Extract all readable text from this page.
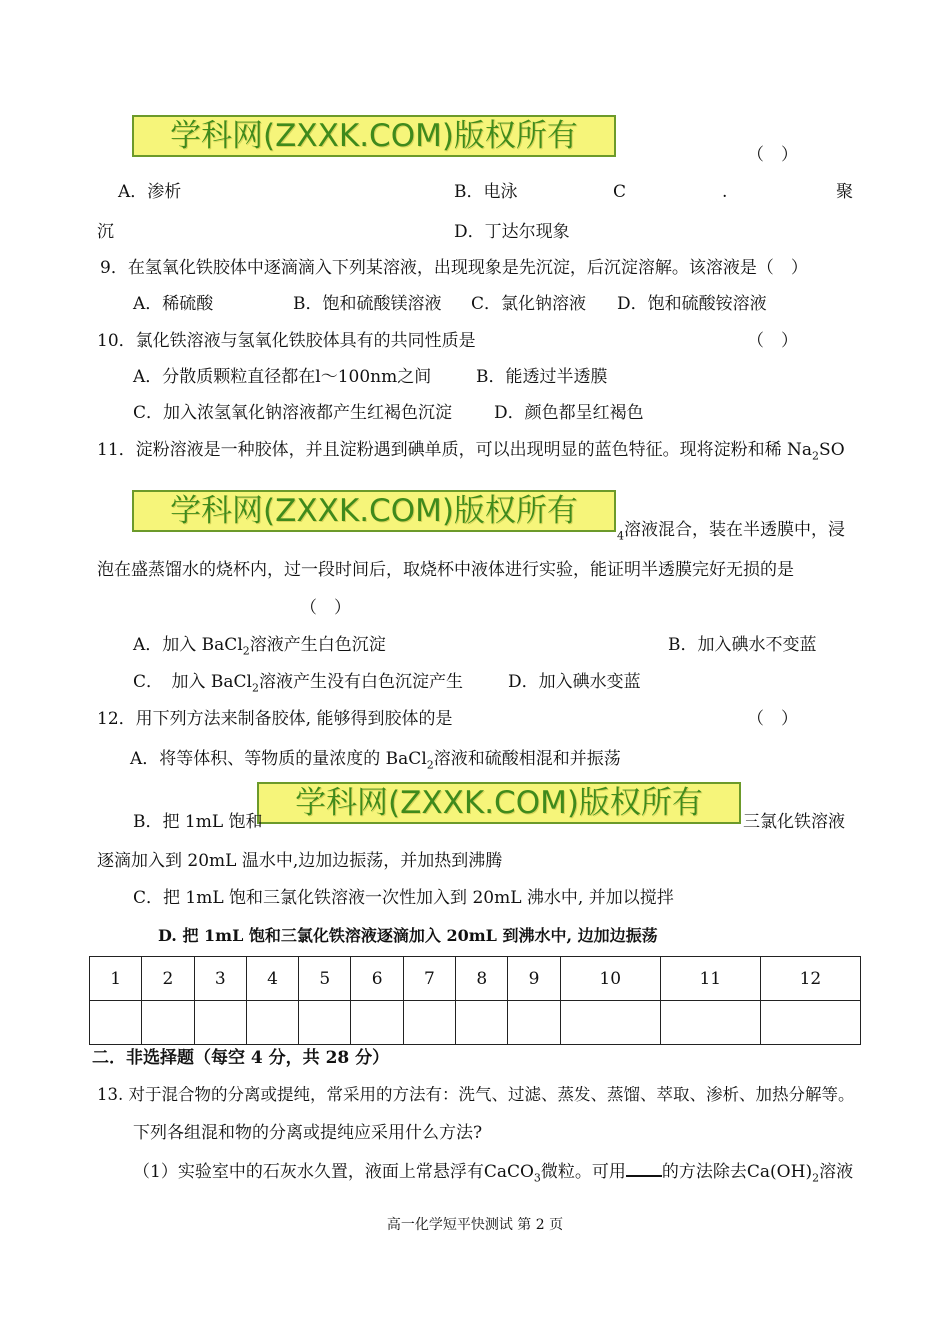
学科网(ZXXK.COM)版权所有
学科网(ZXXK.COM)版权所有
学科网(ZXXK.COM)版权所有
（　）
A．渗析	B．电泳	C	.	聚
沉	D．丁达尔现象
9．在氢氧化铁胶体中逐滴滴入下列某溶液，出现现象是先沉淀，后沉淀溶解。该溶液是（　）
A．稀硫酸	B．饱和硫酸镁溶液 C．氯化钠溶液 D．饱和硫酸铵溶液
10．氯化铁溶液与氢氧化铁胶体具有的共同性质是	（　）
A．分散质颗粒直径都在l～100nm之间	B．能透过半透膜
C．加入浓氢氧化钠溶液都产生红褐色沉淀 D．颜色都呈红褐色
11．淀粉溶液是一种胶体，并且淀粉遇到碘单质，可以出现明显的蓝色特征。现将淀粉和稀 $Na_2SO$
$_4$溶液混合，装在半透膜中，浸
泡在盛蒸馏水的烧杯内，过一段时间后，取烧杯中液体进行实验，能证明半透膜完好无损的是
（　）
A．加入 BaCl$_2$溶液产生白色沉淀	B．加入碘水不变蓝
C．　加入 BaCl$_2$溶液产生没有白色沉淀产生	D．加入碘水变蓝
12．用下列方法来制备胶体, 能够得到胶体的是	（　）
A．将等体积、等物质的量浓度的 BaCl$_2$溶液和硫酸相混和并振荡
B．把 1mL 饱和	三氯化铁溶液
逐滴加入到 20mL 温水中,边加边振荡，并加热到沸腾
C．把 1mL 饱和三氯化铁溶液一次性加入到 20mL 沸水中, 并加以搅拌
D. 把 1mL 饱和三氯化铁溶液逐滴加入 20mL 到沸水中, 边加边振荡
1	2	3	4	5	6	7	8	9	10	11	12

二．非选择题（每空 4 分，共 28 分）
13. 对于混合物的分离或提纯，常采用的方法有：洗气、过滤、蒸发、蒸馏、萃取、渗析、加热分解等。
下列各组混和物的分离或提纯应采用什么方法?
（1）实验室中的石灰水久置，液面上常悬浮有CaCO$_3$微粒。可用 的方法除去$Ca(OH)_2$溶液
高一化学短平快测试 第 2 页
